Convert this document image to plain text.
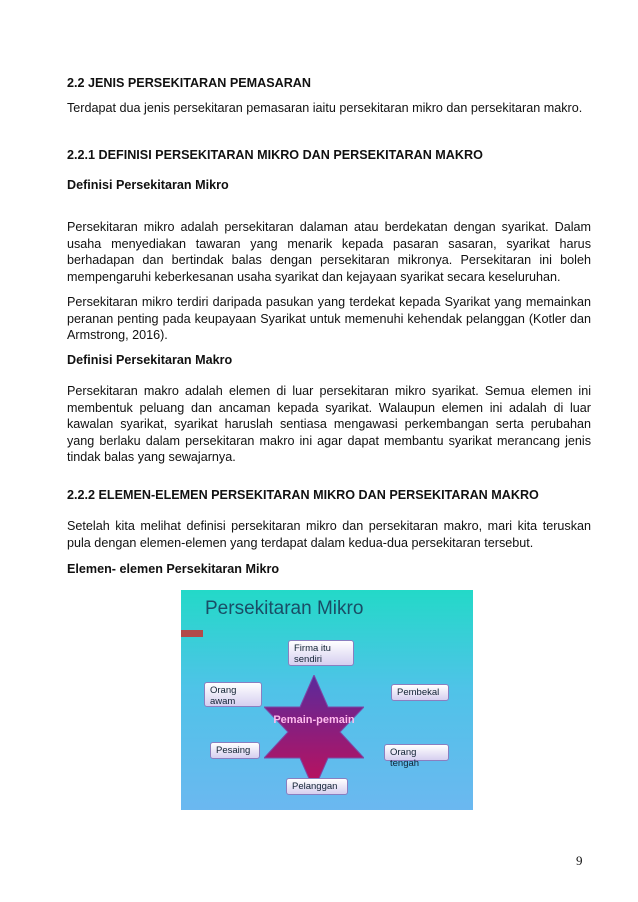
2.2 JENIS PERSEKITARAN PEMASARAN

Terdapat dua jenis persekitaran pemasaran iaitu persekitaran mikro dan persekitaran makro.

2.2.1 DEFINISI PERSEKITARAN MIKRO DAN PERSEKITARAN MAKRO
Definisi Persekitaran Mikro

Persekitaran mikro adalah persekitaran dalaman atau berdekatan dengan syarikat. Dalam usaha menyediakan tawaran yang menarik kepada pasaran sasaran, syarikat harus berhadapan dan bertindak balas dengan persekitaran mikronya. Persekitaran ini boleh mempengaruhi keberkesanan usaha syarikat dan kejayaan syarikat secara keseluruhan.

Persekitaran mikro terdiri daripada pasukan yang terdekat kepada Syarikat yang memainkan peranan penting pada keupayaan Syarikat untuk memenuhi kehendak pelanggan (Kotler dan Armstrong, 2016).

Definisi Persekitaran Makro

Persekitaran makro adalah elemen di luar persekitaran mikro syarikat. Semua elemen ini membentuk peluang dan ancaman kepada syarikat. Walaupun elemen ini adalah di luar kawalan syarikat, syarikat haruslah sentiasa mengawasi perkembangan serta perubahan yang berlaku dalam persekitaran makro ini agar dapat membantu syarikat merancang jenis tindak balas yang sewajarnya.

2.2.2 ELEMEN-ELEMEN PERSEKITARAN MIKRO DAN PERSEKITARAN MAKRO

Setelah kita melihat definisi persekitaran mikro dan persekitaran makro, mari kita teruskan pula dengan elemen-elemen yang terdapat dalam kedua-dua persekitaran tersebut.

Elemen- elemen Persekitaran Mikro
Persekitaran Mikro
Pemain-pemain
Firma itu sendiri
Orang awam
Pembekal
Pesaing	Orang tengah
Pelanggan
9
